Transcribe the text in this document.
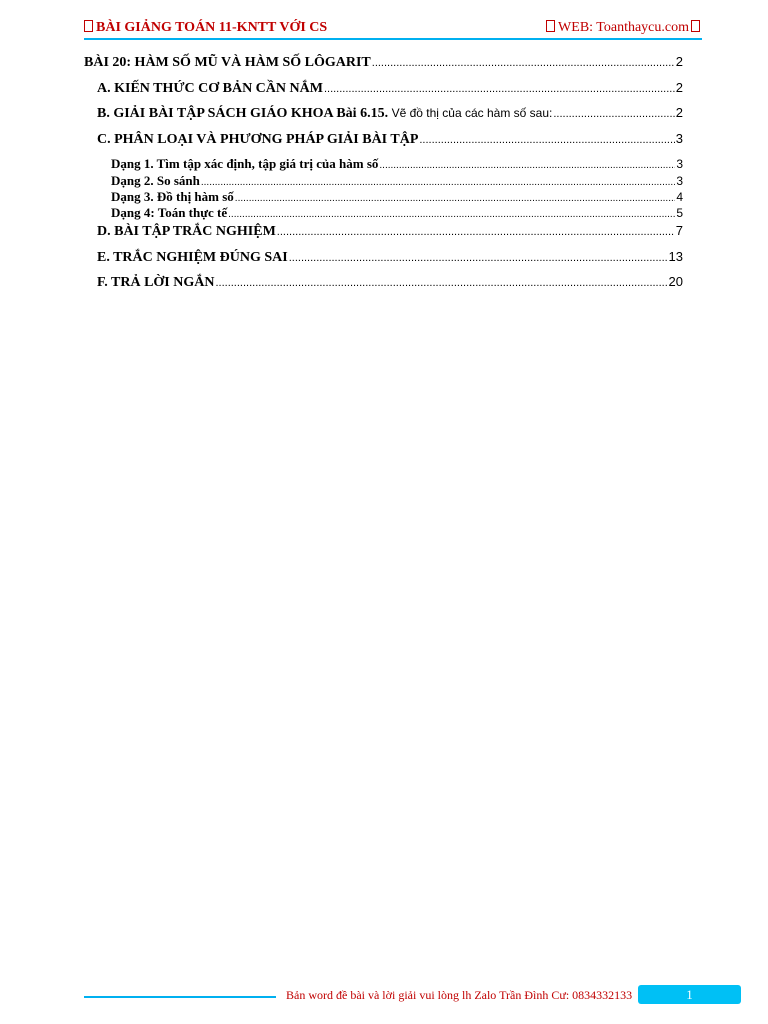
BÀI GIẢNG TOÁN 11-KNTT VỚI CS	WEB: Toanthaycu.com
BÀI 20: HÀM SỐ MŨ VÀ HÀM SỐ LÔGARIT .....	2
A. KIẾN THỨC CƠ BẢN CẦN NẮM .....	2
B. GIẢI BÀI TẬP SÁCH GIÁO KHOA Bài 6.15. Vẽ đồ thị của các hàm số sau: .....	2
C. PHÂN LOẠI VÀ PHƯƠNG PHÁP GIẢI BÀI TẬP .....	3
Dạng 1. Tìm tập xác định, tập giá trị của hàm số .....	3
Dạng 2. So sánh .....	3
Dạng 3. Đồ thị hàm số .....	4
Dạng 4: Toán thực tế .....	5
D. BÀI TẬP TRẮC NGHIỆM .....	7
E. TRẮC NGHIỆM ĐÚNG SAI .....	13
F. TRẢ LỜI NGẮN .....	20
Bản word đề bài và lời giải vui lòng lh Zalo Trần Đình Cư: 0834332133	1
